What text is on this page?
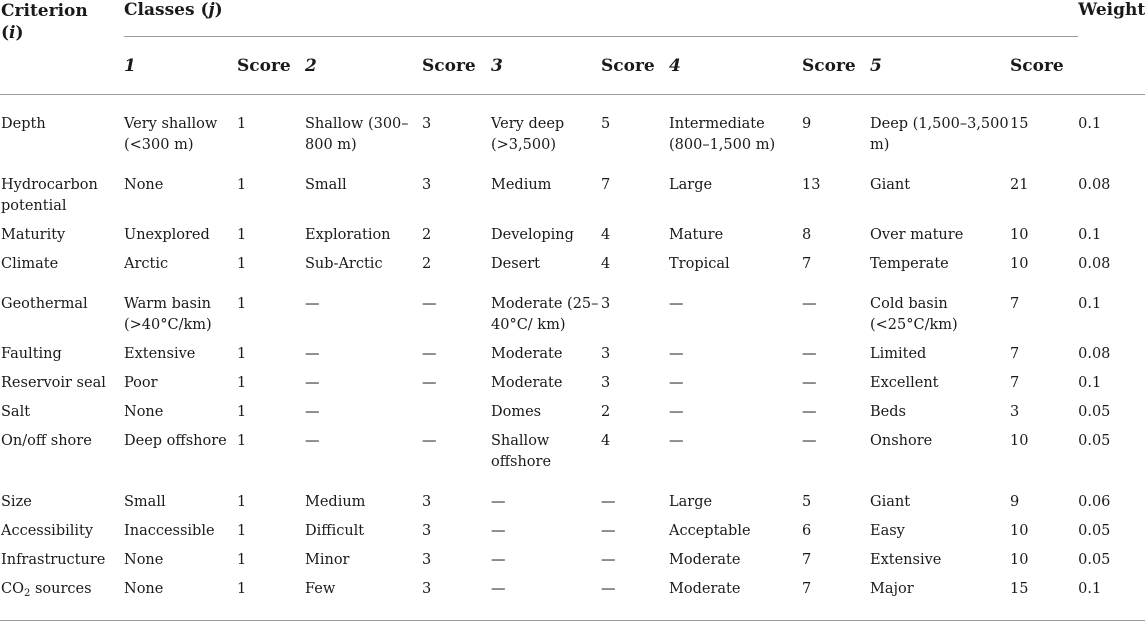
Criterion
(i)	Classes (j)										Weight
	1	Score	2	Score	3	Score	4	Score	5	Score	
Depth	Very shallow (<300 m)	1	Shallow (300–800 m)	3	Very deep (>3,500)	5	Intermediate (800–1,500 m)	9	Deep (1,500–3,500 m)	15	0.1
Hydrocarbon potential	None	1	Small	3	Medium	7	Large	13	Giant	21	0.08
Maturity	Unexplored	1	Exploration	2	Developing	4	Mature	8	Over mature	10	0.1
Climate	Arctic	1	Sub-Arctic	2	Desert	4	Tropical	7	Temperate	10	0.08
Geothermal	Warm basin (>40°C/km)	1	—	—	Moderate (25–40°C/ km)	3	—	—	Cold basin (<25°C/km)	7	0.1
Faulting	Extensive	1	—	—	Moderate	3	—	—	Limited	7	0.08
Reservoir seal	Poor	1	—	—	Moderate	3	—	—	Excellent	7	0.1
Salt	None	1	—		Domes	2	—	—	Beds	3	0.05
On/off shore	Deep offshore	1	—	—	Shallow offshore	4	—	—	Onshore	10	0.05
Size	Small	1	Medium	3	—	—	Large	5	Giant	9	0.06
Accessibility	Inaccessible	1	Difficult	3	—	—	Acceptable	6	Easy	10	0.05
Infrastructure	None	1	Minor	3	—	—	Moderate	7	Extensive	10	0.05
$CO_2$ sources	None	1	Few	3	—	—	Moderate	7	Major	15	0.1
